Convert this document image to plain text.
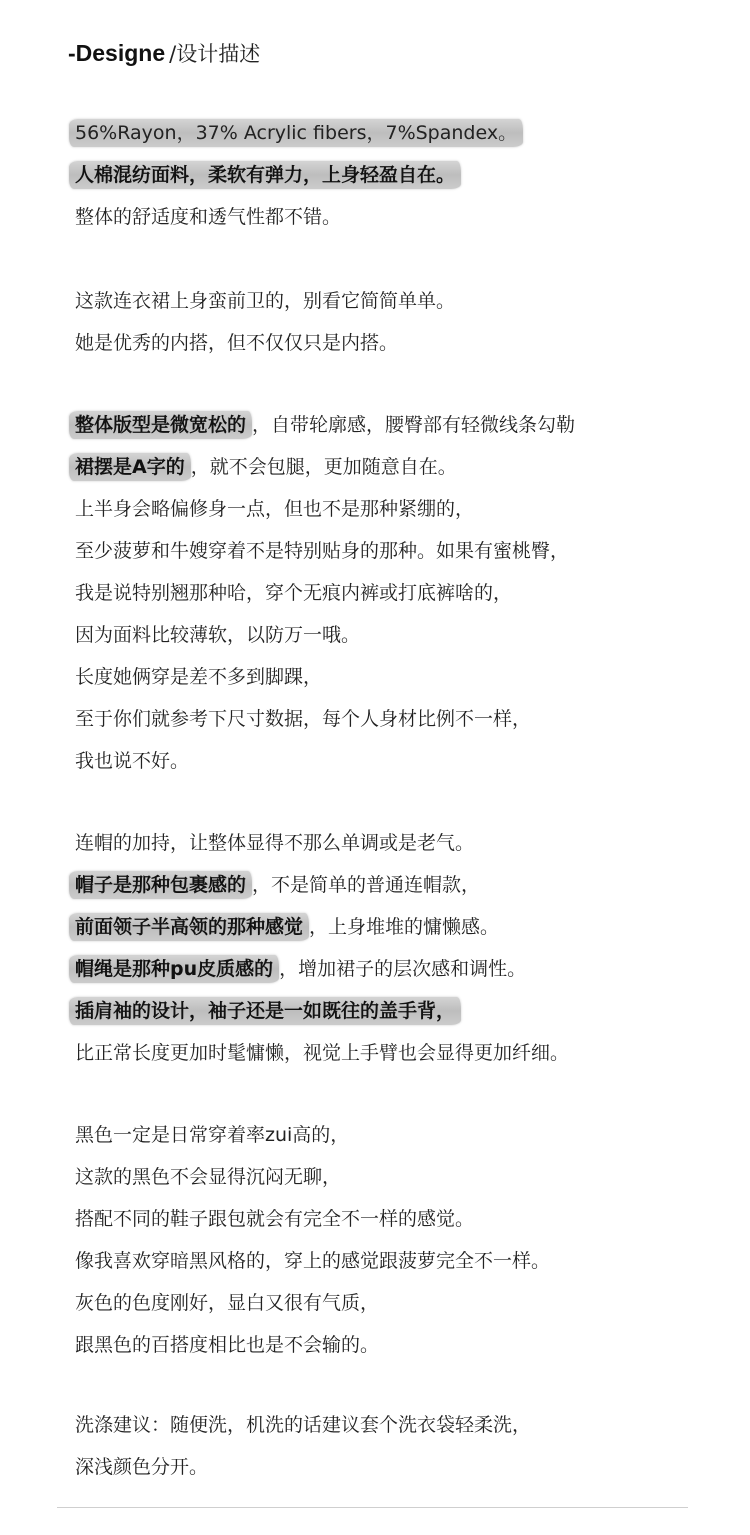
-Designe /设计描述
56%Rayon，37% Acrylic fibers，7%Spandex。
人棉混纺面料，柔软有弹力，上身轻盈自在。
整体的舒适度和透气性都不错。
这款连衣裙上身蛮前卫的，别看它简简单单。
她是优秀的内搭，但不仅仅只是内搭。
整体版型是微宽松的 ，自带轮廓感，腰臀部有轻微线条勾勒
裙摆是A字的 ，就不会包腿，更加随意自在。
上半身会略偏修身一点，但也不是那种紧绷的，
至少菠萝和牛嫂穿着不是特别贴身的那种。如果有蜜桃臀，
我是说特别翘那种哈，穿个无痕内裤或打底裤啥的，
因为面料比较薄软，以防万一哦。
长度她俩穿是差不多到脚踝，
至于你们就参考下尺寸数据，每个人身材比例不一样，
我也说不好。
连帽的加持，让整体显得不那么单调或是老气。
帽子是那种包裹感的 ，不是简单的普通连帽款，
前面领子半高领的那种感觉 ，上身堆堆的慵懒感。
帽绳是那种pu皮质感的 ，增加裙子的层次感和调性。
插肩袖的设计，袖子还是一如既往的盖手背，
比正常长度更加时髦慵懒，视觉上手臂也会显得更加纤细。
黑色一定是日常穿着率zui高的，
这款的黑色不会显得沉闷无聊，
搭配不同的鞋子跟包就会有完全不一样的感觉。
像我喜欢穿暗黑风格的，穿上的感觉跟菠萝完全不一样。
灰色的色度刚好，显白又很有气质，
跟黑色的百搭度相比也是不会输的。
洗涤建议：随便洗，机洗的话建议套个洗衣袋轻柔洗，
深浅颜色分开。
